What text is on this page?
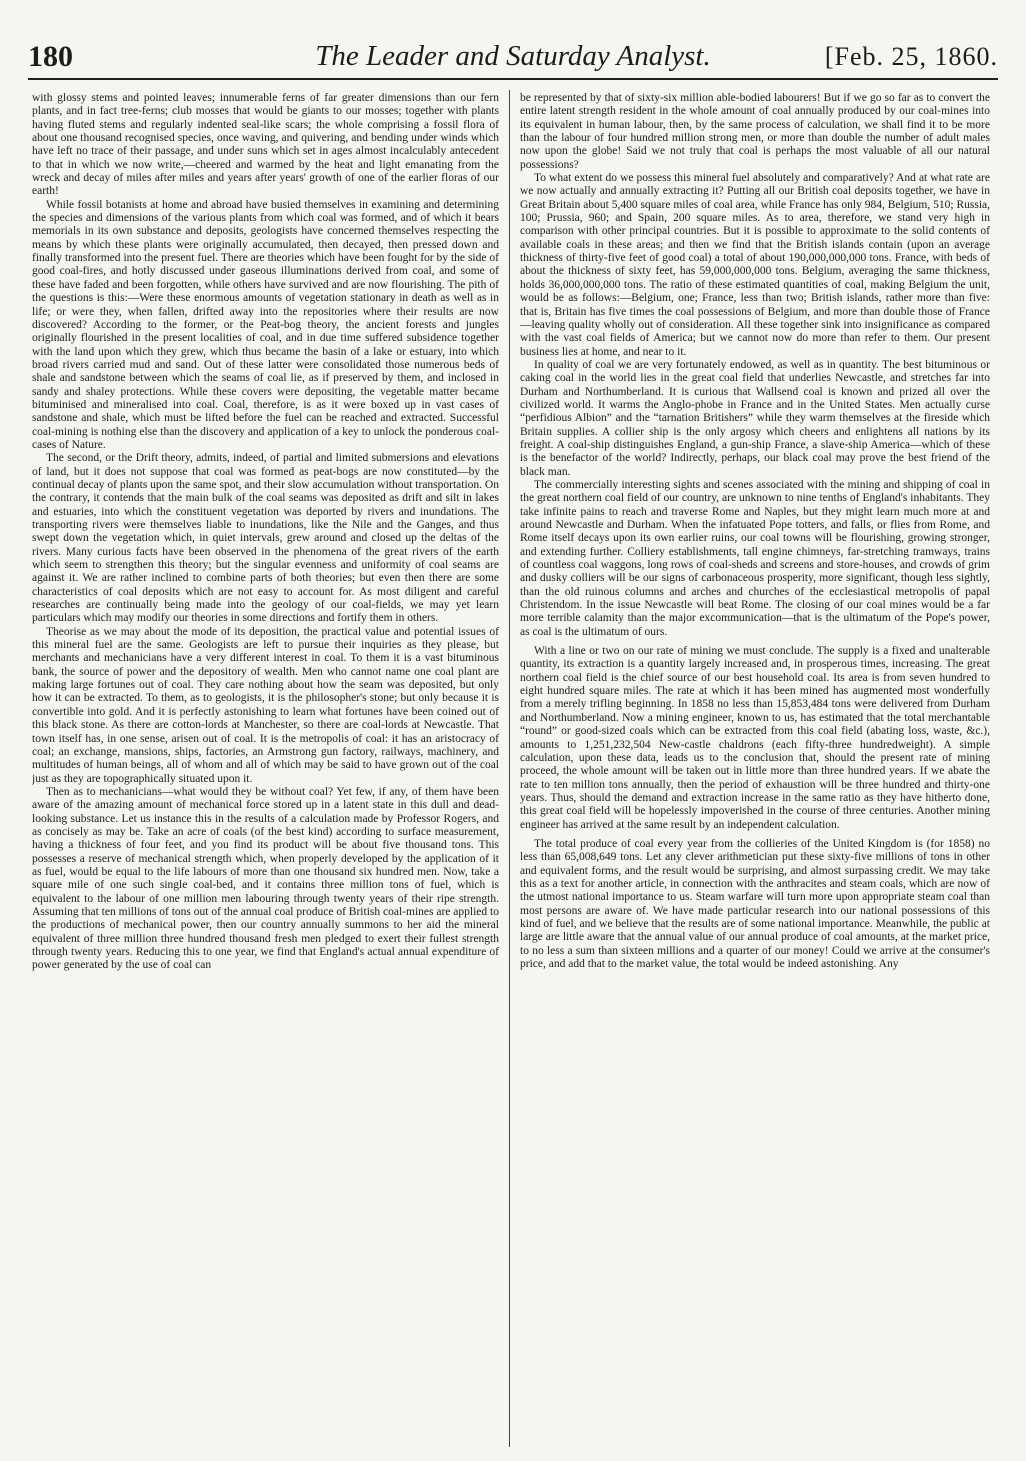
180	The Leader and Saturday Analyst.	[Feb. 25, 1860.

with glossy stems and pointed leaves; innumerable ferns of far greater dimensions than our fern plants, and in fact tree-ferns; club mosses that would be giants to our mosses; together with plants having fluted stems and regularly indented seal-like scars; the whole comprising a fossil flora of about one thousand recognised species, once waving, and quivering, and bending under winds which have left no trace of their passage, and under suns which set in ages almost incalculably antecedent to that in which we now write,—cheered and warmed by the heat and light emanating from the wreck and decay of miles after miles and years after years' growth of one of the earlier floras of our earth!

While fossil botanists at home and abroad have busied themselves in examining and determining the species and dimensions of the various plants from which coal was formed, and of which it bears memorials in its own substance and deposits, geologists have concerned themselves respecting the means by which these plants were originally accumulated, then decayed, then pressed down and finally transformed into the present fuel. There are theories which have been fought for by the side of good coal-fires, and hotly discussed under gaseous illuminations derived from coal, and some of these have faded and been forgotten, while others have survived and are now flourishing. The pith of the questions is this:—Were these enormous amounts of vegetation stationary in death as well as in life; or were they, when fallen, drifted away into the repositories where their results are now discovered? According to the former, or the Peat-bog theory, the ancient forests and jungles originally flourished in the present localities of coal, and in due time suffered subsidence together with the land upon which they grew, which thus became the basin of a lake or estuary, into which broad rivers carried mud and sand. Out of these latter were consolidated those numerous beds of shale and sandstone between which the seams of coal lie, as if preserved by them, and inclosed in sandy and shaley protections. While these covers were depositing, the vegetable matter became bituminised and mineralised into coal. Coal, therefore, is as it were boxed up in vast cases of sandstone and shale, which must be lifted before the fuel can be reached and extracted. Successful coal-mining is nothing else than the discovery and application of a key to unlock the ponderous coal-cases of Nature.

The second, or the Drift theory, admits, indeed, of partial and limited submersions and elevations of land, but it does not suppose that coal was formed as peat-bogs are now constituted—by the continual decay of plants upon the same spot, and their slow accumulation without transportation. On the contrary, it contends that the main bulk of the coal seams was deposited as drift and silt in lakes and estuaries, into which the constituent vegetation was deported by rivers and inundations. The transporting rivers were themselves liable to inundations, like the Nile and the Ganges, and thus swept down the vegetation which, in quiet intervals, grew around and closed up the deltas of the rivers. Many curious facts have been observed in the phenomena of the great rivers of the earth which seem to strengthen this theory; but the singular evenness and uniformity of coal seams are against it. We are rather inclined to combine parts of both theories; but even then there are some characteristics of coal deposits which are not easy to account for. As most diligent and careful researches are continually being made into the geology of our coal-fields, we may yet learn particulars which may modify our theories in some directions and fortify them in others.

Theorise as we may about the mode of its deposition, the practical value and potential issues of this mineral fuel are the same. Geologists are left to pursue their inquiries as they please, but merchants and mechanicians have a very different interest in coal. To them it is a vast bituminous bank, the source of power and the depository of wealth. Men who cannot name one coal plant are making large fortunes out of coal. They care nothing about how the seam was deposited, but only how it can be extracted. To them, as to geologists, it is the philosopher's stone; but only because it is convertible into gold. And it is perfectly astonishing to learn what fortunes have been coined out of this black stone. As there are cotton-lords at Manchester, so there are coal-lords at Newcastle. That town itself has, in one sense, arisen out of coal. It is the metropolis of coal: it has an aristocracy of coal; an exchange, mansions, ships, factories, an Armstrong gun factory, railways, machinery, and multitudes of human beings, all of whom and all of which may be said to have grown out of the coal just as they are topographically situated upon it.

Then as to mechanicians—what would they be without coal? Yet few, if any, of them have been aware of the amazing amount of mechanical force stored up in a latent state in this dull and dead-looking substance. Let us instance this in the results of a calculation made by Professor Rogers, and as concisely as may be. Take an acre of coals (of the best kind) according to surface measurement, having a thickness of four feet, and you find its product will be about five thousand tons. This possesses a reserve of mechanical strength which, when properly developed by the application of it as fuel, would be equal to the life labours of more than one thousand six hundred men. Now, take a square mile of one such single coal-bed, and it contains three million tons of fuel, which is equivalent to the labour of one million men labouring through twenty years of their ripe strength. Assuming that ten millions of tons out of the annual coal produce of British coal-mines are applied to the productions of mechanical power, then our country annually summons to her aid the mineral equivalent of three million three hundred thousand fresh men pledged to exert their fullest strength through twenty years. Reducing this to one year, we find that England's actual annual expenditure of power generated by the use of coal can

be represented by that of sixty-six million able-bodied labourers! But if we go so far as to convert the entire latent strength resident in the whole amount of coal annually produced by our coal-mines into its equivalent in human labour, then, by the same process of calculation, we shall find it to be more than the labour of four hundred million strong men, or more than double the number of adult males now upon the globe! Said we not truly that coal is perhaps the most valuable of all our natural possessions?

To what extent do we possess this mineral fuel absolutely and comparatively? And at what rate are we now actually and annually extracting it? Putting all our British coal deposits together, we have in Great Britain about 5,400 square miles of coal area, while France has only 984, Belgium, 510; Russia, 100; Prussia, 960; and Spain, 200 square miles. As to area, therefore, we stand very high in comparison with other principal countries. But it is possible to approximate to the solid contents of available coals in these areas; and then we find that the British islands contain (upon an average thickness of thirty-five feet of good coal) a total of about 190,000,000,000 tons. France, with beds of about the thickness of sixty feet, has 59,000,000,000 tons. Belgium, averaging the same thickness, holds 36,000,000,000 tons. The ratio of these estimated quantities of coal, making Belgium the unit, would be as follows:—Belgium, one; France, less than two; British islands, rather more than five: that is, Britain has five times the coal possessions of Belgium, and more than double those of France—leaving quality wholly out of consideration. All these together sink into insignificance as compared with the vast coal fields of America; but we cannot now do more than refer to them. Our present business lies at home, and near to it.

In quality of coal we are very fortunately endowed, as well as in quantity. The best bituminous or caking coal in the world lies in the great coal field that underlies Newcastle, and stretches far into Durham and Northumberland. It is curious that Wallsend coal is known and prized all over the civilized world. It warms the Anglo-phobe in France and in the United States. Men actually curse “perfidious Albion” and the “tarnation Britishers” while they warm themselves at the fireside which Britain supplies. A collier ship is the only argosy which cheers and enlightens all nations by its freight. A coal-ship distinguishes England, a gun-ship France, a slave-ship America—which of these is the benefactor of the world? Indirectly, perhaps, our black coal may prove the best friend of the black man.

The commercially interesting sights and scenes associated with the mining and shipping of coal in the great northern coal field of our country, are unknown to nine tenths of England's inhabitants. They take infinite pains to reach and traverse Rome and Naples, but they might learn much more at and around Newcastle and Durham. When the infatuated Pope totters, and falls, or flies from Rome, and Rome itself decays upon its own earlier ruins, our coal towns will be flourishing, growing stronger, and extending further. Colliery establishments, tall engine chimneys, far-stretching tramways, trains of countless coal waggons, long rows of coal-sheds and screens and store-houses, and crowds of grim and dusky colliers will be our signs of carbonaceous prosperity, more significant, though less sightly, than the old ruinous columns and arches and churches of the ecclesiastical metropolis of papal Christendom. In the issue Newcastle will beat Rome. The closing of our coal mines would be a far more terrible calamity than the major excommunication—that is the ultimatum of the Pope's power, as coal is the ultimatum of ours.

With a line or two on our rate of mining we must conclude. The supply is a fixed and unalterable quantity, its extraction is a quantity largely increased and, in prosperous times, increasing. The great northern coal field is the chief source of our best household coal. Its area is from seven hundred to eight hundred square miles. The rate at which it has been mined has augmented most wonderfully from a merely trifling beginning. In 1858 no less than 15,853,484 tons were delivered from Durham and Northumberland. Now a mining engineer, known to us, has estimated that the total merchantable “round” or good-sized coals which can be extracted from this coal field (abating loss, waste, &c.), amounts to 1,251,232,504 New-castle chaldrons (each fifty-three hundredweight). A simple calculation, upon these data, leads us to the conclusion that, should the present rate of mining proceed, the whole amount will be taken out in little more than three hundred years. If we abate the rate to ten million tons annually, then the period of exhaustion will be three hundred and thirty-one years. Thus, should the demand and extraction increase in the same ratio as they have hitherto done, this great coal field will be hopelessly impoverished in the course of three centuries. Another mining engineer has arrived at the same result by an independent calculation.

The total produce of coal every year from the collieries of the United Kingdom is (for 1858) no less than 65,008,649 tons. Let any clever arithmetician put these sixty-five millions of tons in other and equivalent forms, and the result would be surprising, and almost surpassing credit. We may take this as a text for another article, in connection with the anthracites and steam coals, which are now of the utmost national importance to us. Steam warfare will turn more upon appropriate steam coal than most persons are aware of. We have made particular research into our national possessions of this kind of fuel, and we believe that the results are of some national importance. Meanwhile, the public at large are little aware that the annual value of our annual produce of coal amounts, at the market price, to no less a sum than sixteen millions and a quarter of our money! Could we arrive at the consumer's price, and add that to the market value, the total would be indeed astonishing. Any
